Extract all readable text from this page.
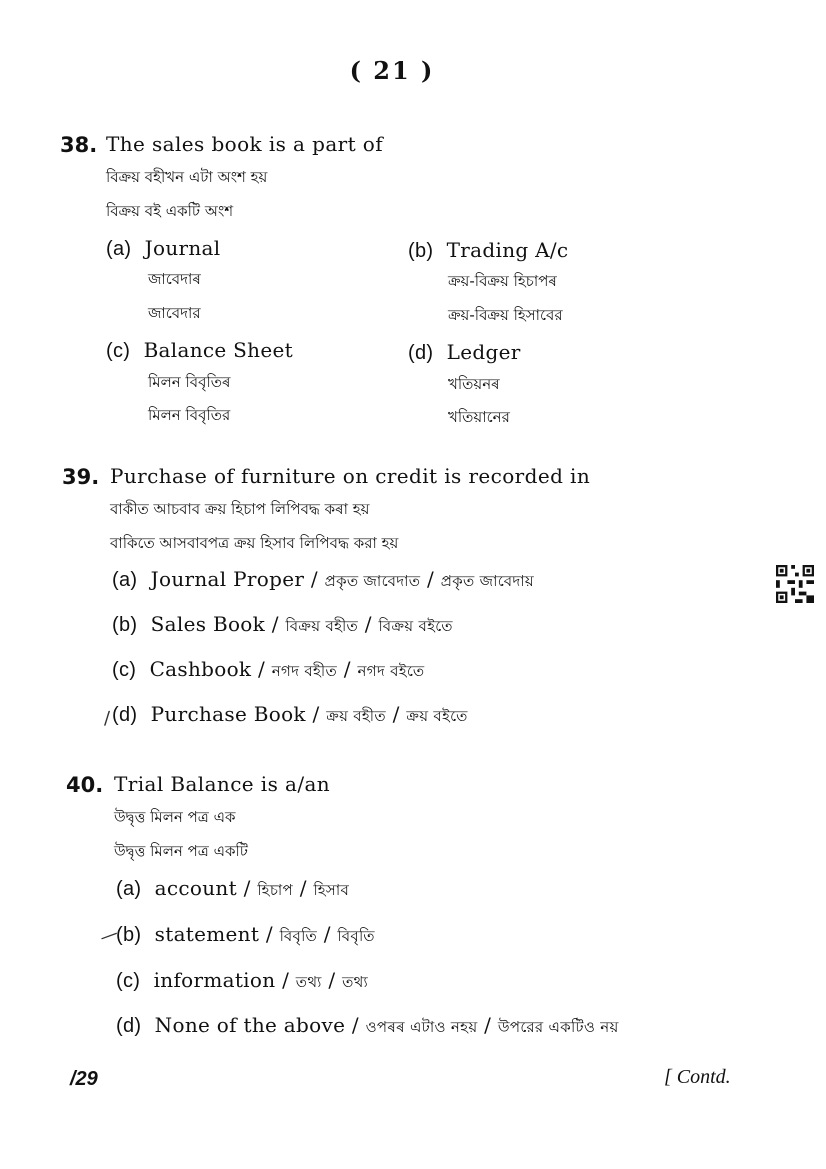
( 21 )
38. The sales book is a part of
বিক্রয় বহীখন এটা অংশ হয়
বিক্রয় বই একটি অংশ
(a) Journal
জাবেদাৰ
জাবেদার
(b) Trading A/c
ক্রয়-বিক্রয় হিচাপৰ
ক্রয়-বিক্রয় হিসাবের
(c) Balance Sheet
মিলন বিবৃতিৰ
মিলন বিবৃতির
(d) Ledger
খতিয়নৰ
খতিয়ানের
39. Purchase of furniture on credit is recorded in
বাকীত আচবাব ক্রয় হিচাপ লিপিবদ্ধ কৰা হয়
বাকিতে আসবাবপত্র ক্রয় হিসাব লিপিবদ্ধ করা হয়
(a) Journal Proper / প্ৰকৃত জাবেদাত / প্রকৃত জাবেদায়
(b) Sales Book / বিক্রয় বহীত / বিক্রয় বইতে
(c) Cashbook / নগদ বহীত / নগদ বইতে
(d) Purchase Book / ক্রয় বহীত / ক্রয় বইতে
∕
40. Trial Balance is a/an
উদ্বৃত্ত মিলন পত্র এক
উদ্বৃত্ত মিলন পত্র একটি
(a) account / হিচাপ / হিসাব
(b) statement / বিবৃতি / বিবৃতি
—
(c) information / তথ্য / তথ্য
(d) None of the above / ওপৰৰ এটাও নহয় / উপরের একটিও নয়
/29	[ Contd.
